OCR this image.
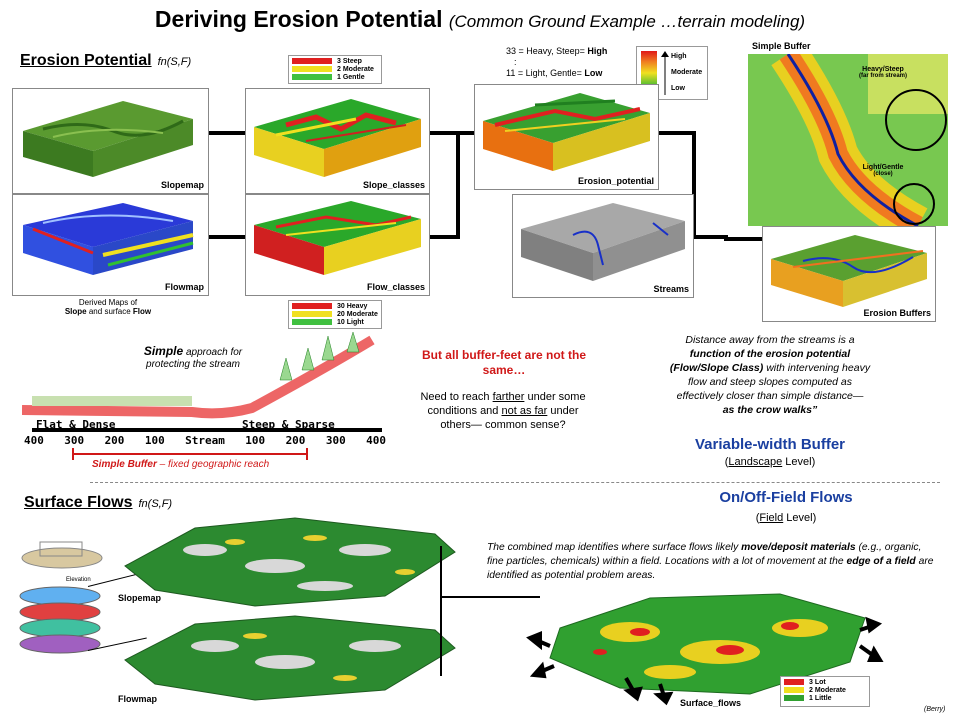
Deriving Erosion Potential (Common Ground Example …terrain modeling)
Erosion Potential fn(S,F)
Slopemap
Flowmap
Derived Maps of
Slope and surface Flow
3 Steep
2 Moderate
1 Gentle
Slope_classes
Flow_classes
30 Heavy
20 Moderate
10 Light
33 = Heavy, Steep= High
:
11 = Light, Gentle= Low
High
Moderate
Low
Erosion_potential
Streams
Simple Buffer
Heavy/Steep
(far from stream)
Light/Gentle
(close)
Erosion Buffers
Simple approach for
protecting the stream
Flat & Dense	Steep & Sparse
400 300 200 100 Stream 100 200 300 400
Simple Buffer – fixed geographic reach
But all buffer-feet are not the same…
Need to reach farther under some conditions and not as far under others— common sense?
Distance away from the streams is a
function of the erosion potential
(Flow/Slope Class) with intervening heavy
flow and steep slopes computed as
effectively closer than simple distance—
as the crow walks”
Variable-width Buffer
(Landscape Level)
Surface Flows fn(S,F)	On/Off-Field Flows
(Field Level)
Elevation
Slopemap
Flowmap
The combined map identifies where surface flows likely move/deposit materials (e.g., organic, fine particles, chemicals) within a field. Locations with a lot of movement at the edge of a field are identified as potential problem areas.
Surface_flows
3 Lot
2 Moderate
1 Little
(Berry)
